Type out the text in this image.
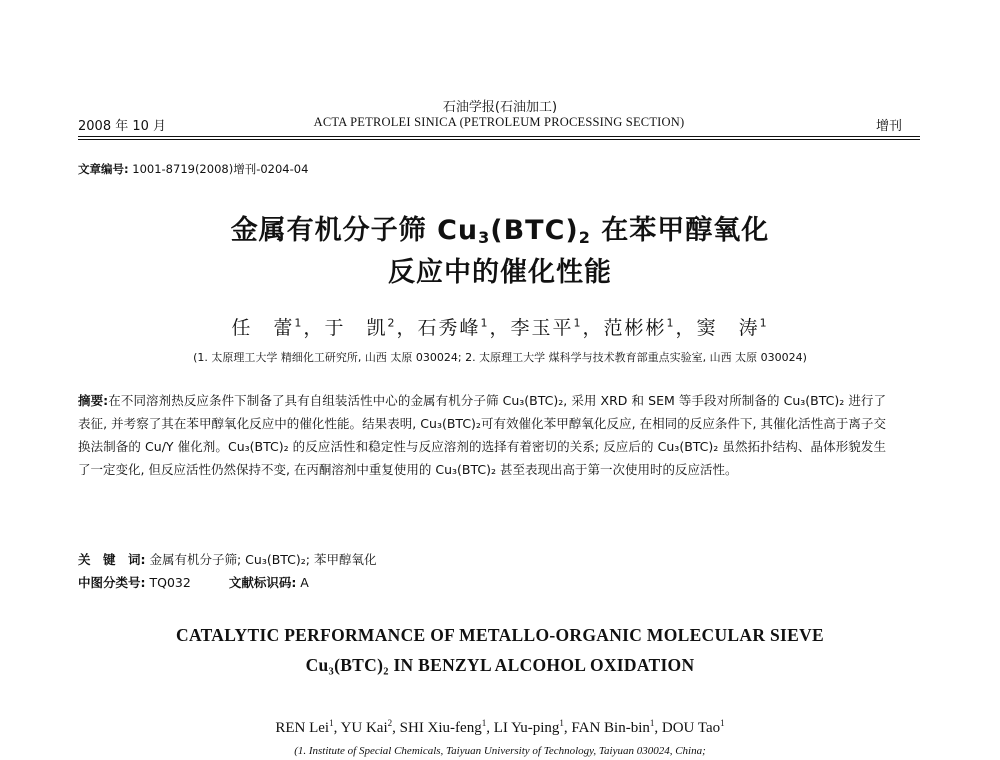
石油学报(石油加工)
2008 年 10 月	ACTA PETROLEI SINICA (PETROLEUM PROCESSING SECTION)	增刊
文章编号: 1001-8719(2008)增刊-0204-04
金属有机分子筛 $Cu_3(BTC)_2$ 在苯甲醇氧化
反应中的催化性能
任　蕾$^1$，于　凯$^2$，石秀峰$^1$，李玉平$^1$，范彬彬$^1$，窦　涛$^1$
(1. 太原理工大学 精细化工研究所, 山西 太原 030024; 2. 太原理工大学 煤科学与技术教育部重点实验室, 山西 太原 030024)
摘要:在不同溶剂热反应条件下制备了具有自组装活性中心的金属有机分子筛 Cu₃(BTC)₂, 采用 XRD 和 SEM 等手段对所制备的 Cu₃(BTC)₂ 进行了表征, 并考察了其在苯甲醇氧化反应中的催化性能。结果表明, Cu₃(BTC)₂可有效催化苯甲醇氧化反应, 在相同的反应条件下, 其催化活性高于离子交换法制备的 Cu/Y 催化剂。Cu₃(BTC)₂ 的反应活性和稳定性与反应溶剂的选择有着密切的关系; 反应后的 Cu₃(BTC)₂ 虽然拓扑结构、晶体形貌发生了一定变化, 但反应活性仍然保持不变, 在丙酮溶剂中重复使用的 Cu₃(BTC)₂ 甚至表现出高于第一次使用时的反应活性。
关　键　词: 金属有机分子筛; Cu₃(BTC)₂; 苯甲醇氧化
中图分类号: TQ032	文献标识码: A
CATALYTIC PERFORMANCE OF METALLO-ORGANIC MOLECULAR SIEVE
Cu₃(BTC)₂ IN BENZYL ALCOHOL OXIDATION
REN Lei$^1$, YU Kai$^2$, SHI Xiu-feng$^1$, LI Yu-ping$^1$, FAN Bin-bin$^1$, DOU Tao$^1$
(1. Institute of Special Chemicals, Taiyuan University of Technology, Taiyuan 030024, China;
